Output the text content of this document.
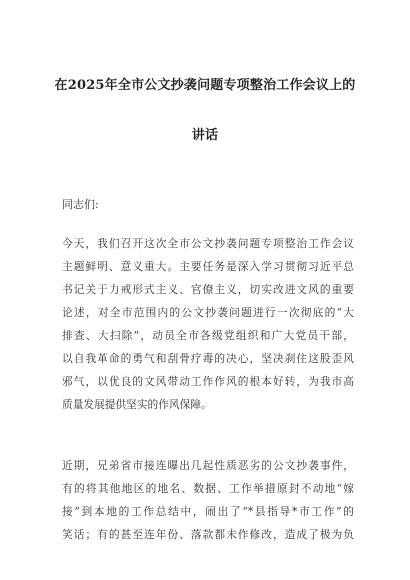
在2025年全市公文抄袭问题专项整治工作会议上的
讲话
同志们:
今天，我们召开这次全市公文抄袭问题专项整治工作会议
主题鲜明、意义重大。主要任务是深入学习贯彻习近平总
书记关于力戒形式主义、官僚主义，切实改进文风的重要
论述，对全市范围内的公文抄袭问题进行一次彻底的“大
排查、大扫除”，动员全市各级党组织和广大党员干部，
以自我革命的勇气和刮骨疗毒的决心，坚决刹住这股歪风
邪气，以优良的文风带动工作作风的根本好转，为我市高
质量发展提供坚实的作风保障。
近期，兄弟省市接连曝出几起性质恶劣的公文抄袭事件，
有的将其他地区的地名、数据、工作举措原封不动地“嫁
接”到本地的工作总结中，闹出了“*县指导*市工作”的
笑话；有的甚至连年份、落款都未作修改，造成了极为负
